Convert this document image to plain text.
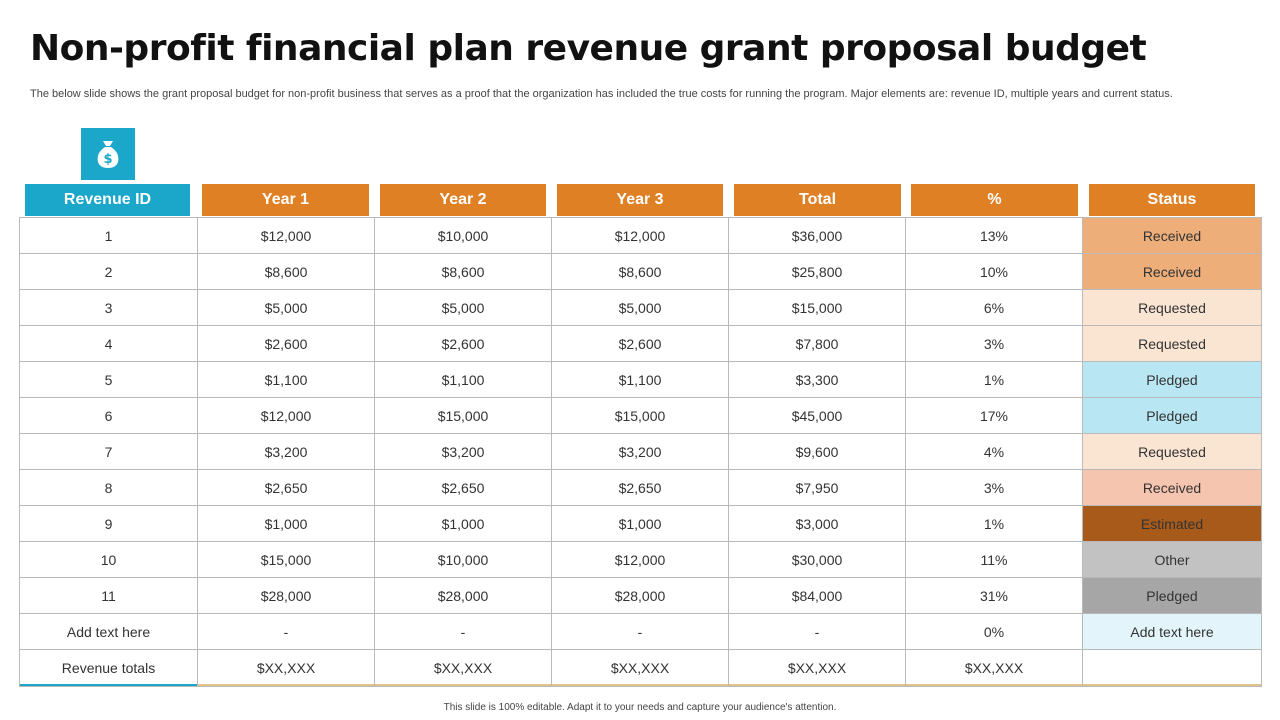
Non-profit financial plan revenue grant proposal budget
The below slide shows the grant proposal budget for non-profit business that serves as a proof that the organization has included the true costs for running the program. Major elements are: revenue ID, multiple years and current status.
$
Revenue ID	Year 1	Year 2	Year 3	Total	%	Status
1	$12,000	$10,000	$12,000	$36,000	13%	Received
2	$8,600	$8,600	$8,600	$25,800	10%	Received
3	$5,000	$5,000	$5,000	$15,000	6%	Requested
4	$2,600	$2,600	$2,600	$7,800	3%	Requested
5	$1,100	$1,100	$1,100	$3,300	1%	Pledged
6	$12,000	$15,000	$15,000	$45,000	17%	Pledged
7	$3,200	$3,200	$3,200	$9,600	4%	Requested
8	$2,650	$2,650	$2,650	$7,950	3%	Received
9	$1,000	$1,000	$1,000	$3,000	1%	Estimated
10	$15,000	$10,000	$12,000	$30,000	11%	Other
11	$28,000	$28,000	$28,000	$84,000	31%	Pledged
Add text here	-	-	-	-	0%	Add text here
Revenue totals	$XX,XXX	$XX,XXX	$XX,XXX	$XX,XXX	$XX,XXX	
This slide is 100% editable. Adapt it to your needs and capture your audience's attention.
